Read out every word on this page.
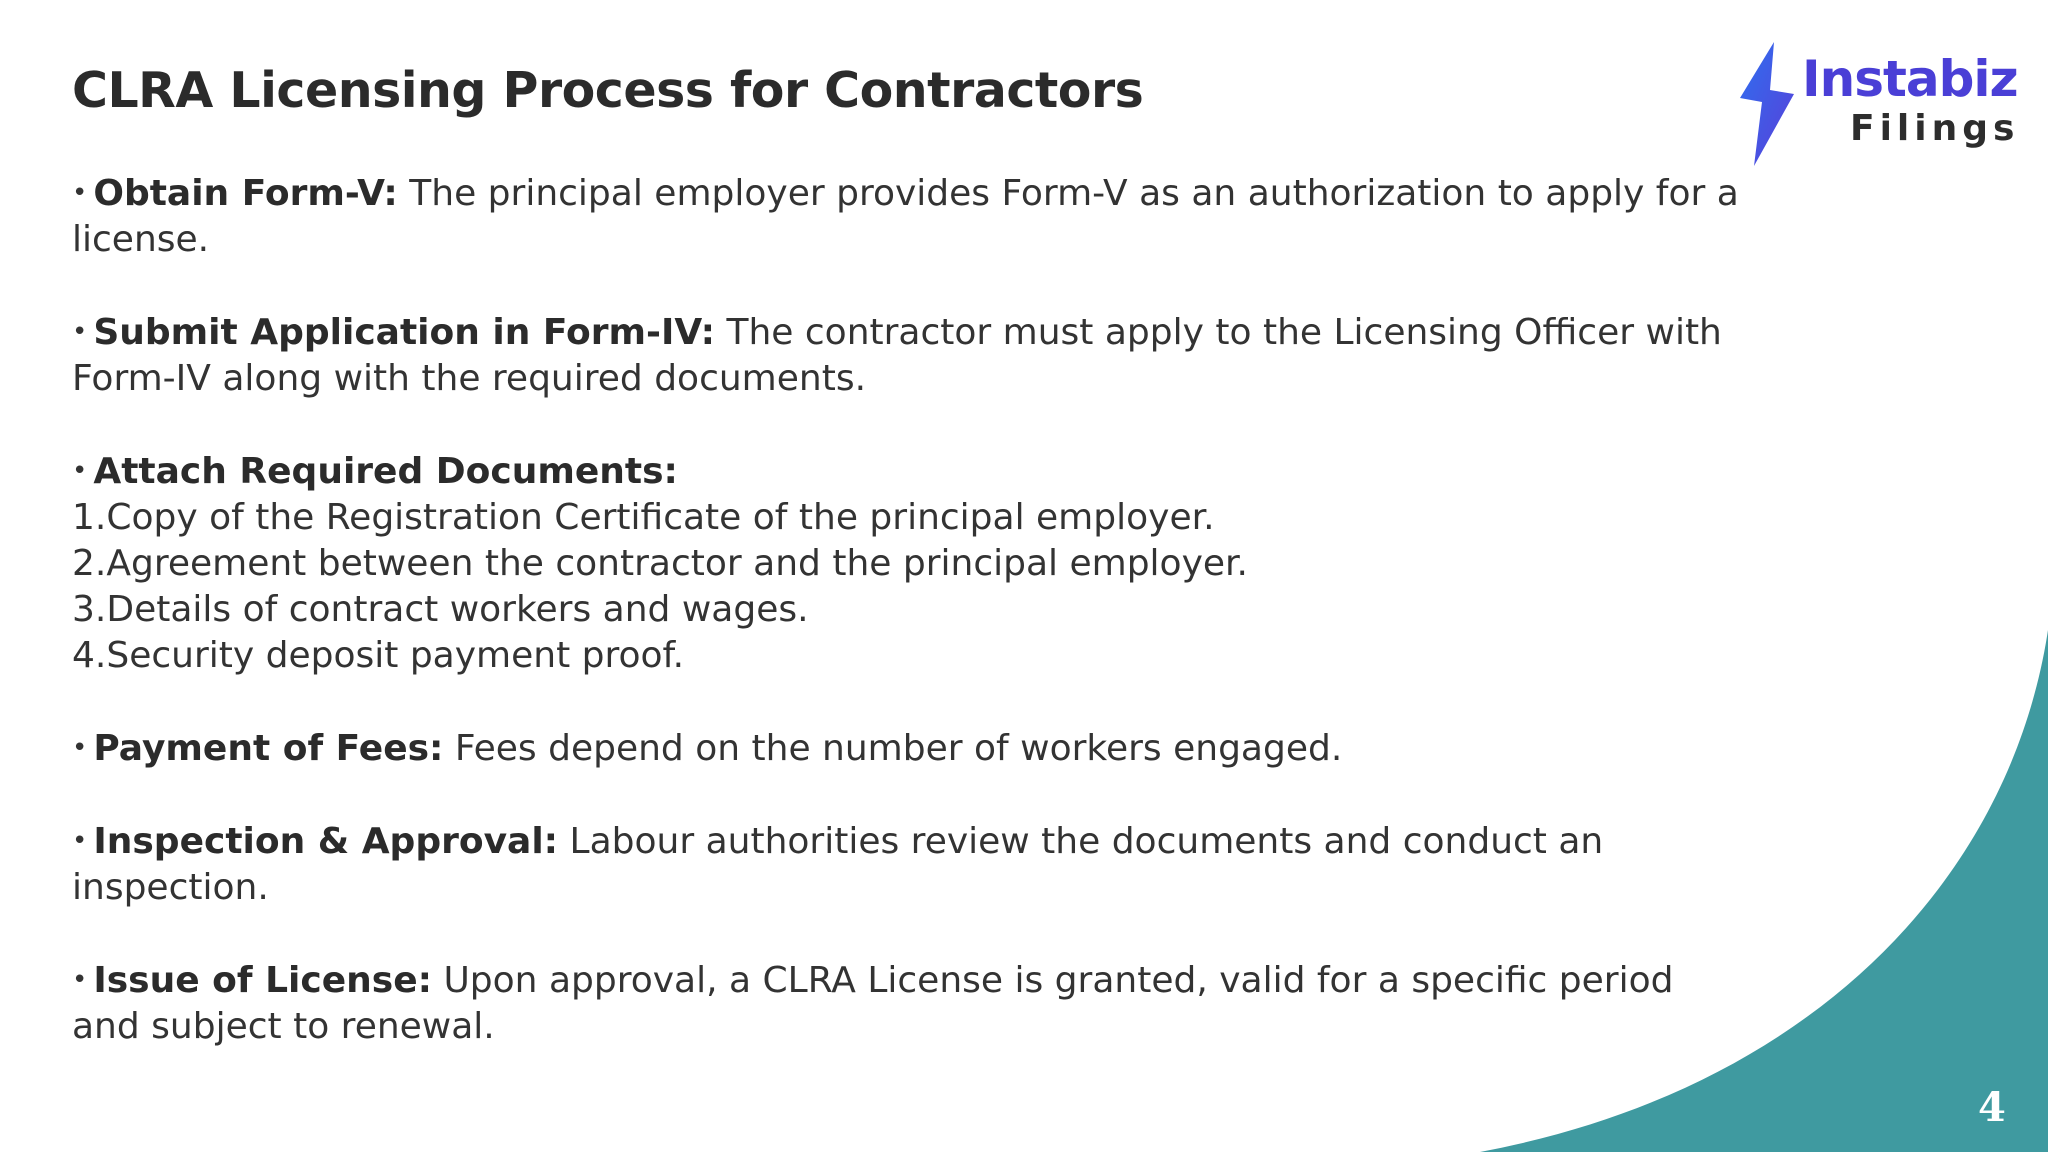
CLRA Licensing Process for Contractors	Instabiz
Filings

• Obtain Form-V: The principal employer provides Form-V as an authorization to apply for a license.

• Submit Application in Form-IV: The contractor must apply to the Licensing Officer with Form-IV along with the required documents.

• Attach Required Documents:

1.Copy of the Registration Certificate of the principal employer.

2.Agreement between the contractor and the principal employer.

3.Details of contract workers and wages.

4.Security deposit payment proof.

• Payment of Fees: Fees depend on the number of workers engaged.

• Inspection & Approval: Labour authorities review the documents and conduct an inspection.

• Issue of License: Upon approval, a CLRA License is granted, valid for a specific period and subject to renewal.

4
